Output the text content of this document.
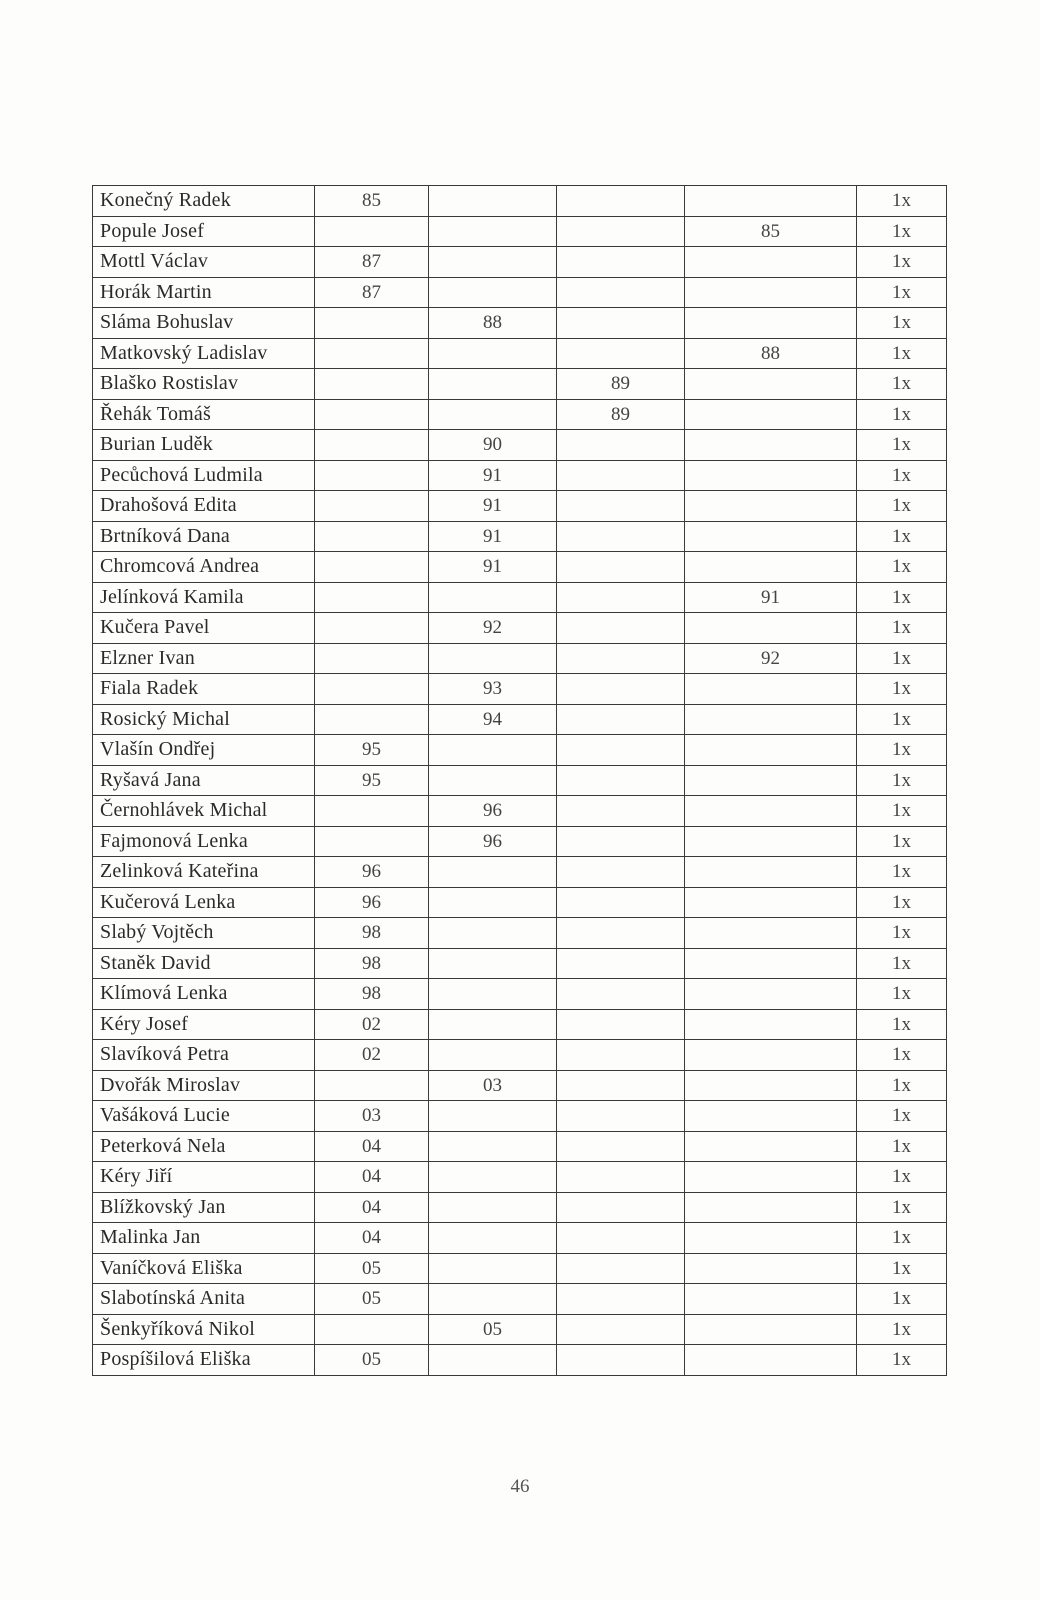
Konečný Radek	85				1x
Popule Josef				85	1x
Mottl Václav	87				1x
Horák Martin	87				1x
Sláma Bohuslav		88			1x
Matkovský Ladislav				88	1x
Blaško Rostislav			89		1x
Řehák Tomáš			89		1x
Burian Luděk		90			1x
Pecůchová Ludmila		91			1x
Drahošová Edita		91			1x
Brtníková Dana		91			1x
Chromcová Andrea		91			1x
Jelínková Kamila				91	1x
Kučera Pavel		92			1x
Elzner Ivan				92	1x
Fiala Radek		93			1x
Rosický Michal		94			1x
Vlašín Ondřej	95				1x
Ryšavá Jana	95				1x
Černohlávek Michal		96			1x
Fajmonová Lenka		96			1x
Zelinková Kateřina	96				1x
Kučerová Lenka	96				1x
Slabý Vojtěch	98				1x
Staněk David	98				1x
Klímová Lenka	98				1x
Kéry Josef	02				1x
Slavíková Petra	02				1x
Dvořák Miroslav		03			1x
Vašáková Lucie	03				1x
Peterková Nela	04				1x
Kéry Jiří	04				1x
Blížkovský Jan	04				1x
Malinka Jan	04				1x
Vaníčková Eliška	05				1x
Slabotínská Anita	05				1x
Šenkyříková Nikol		05			1x
Pospíšilová Eliška	05				1x
46
